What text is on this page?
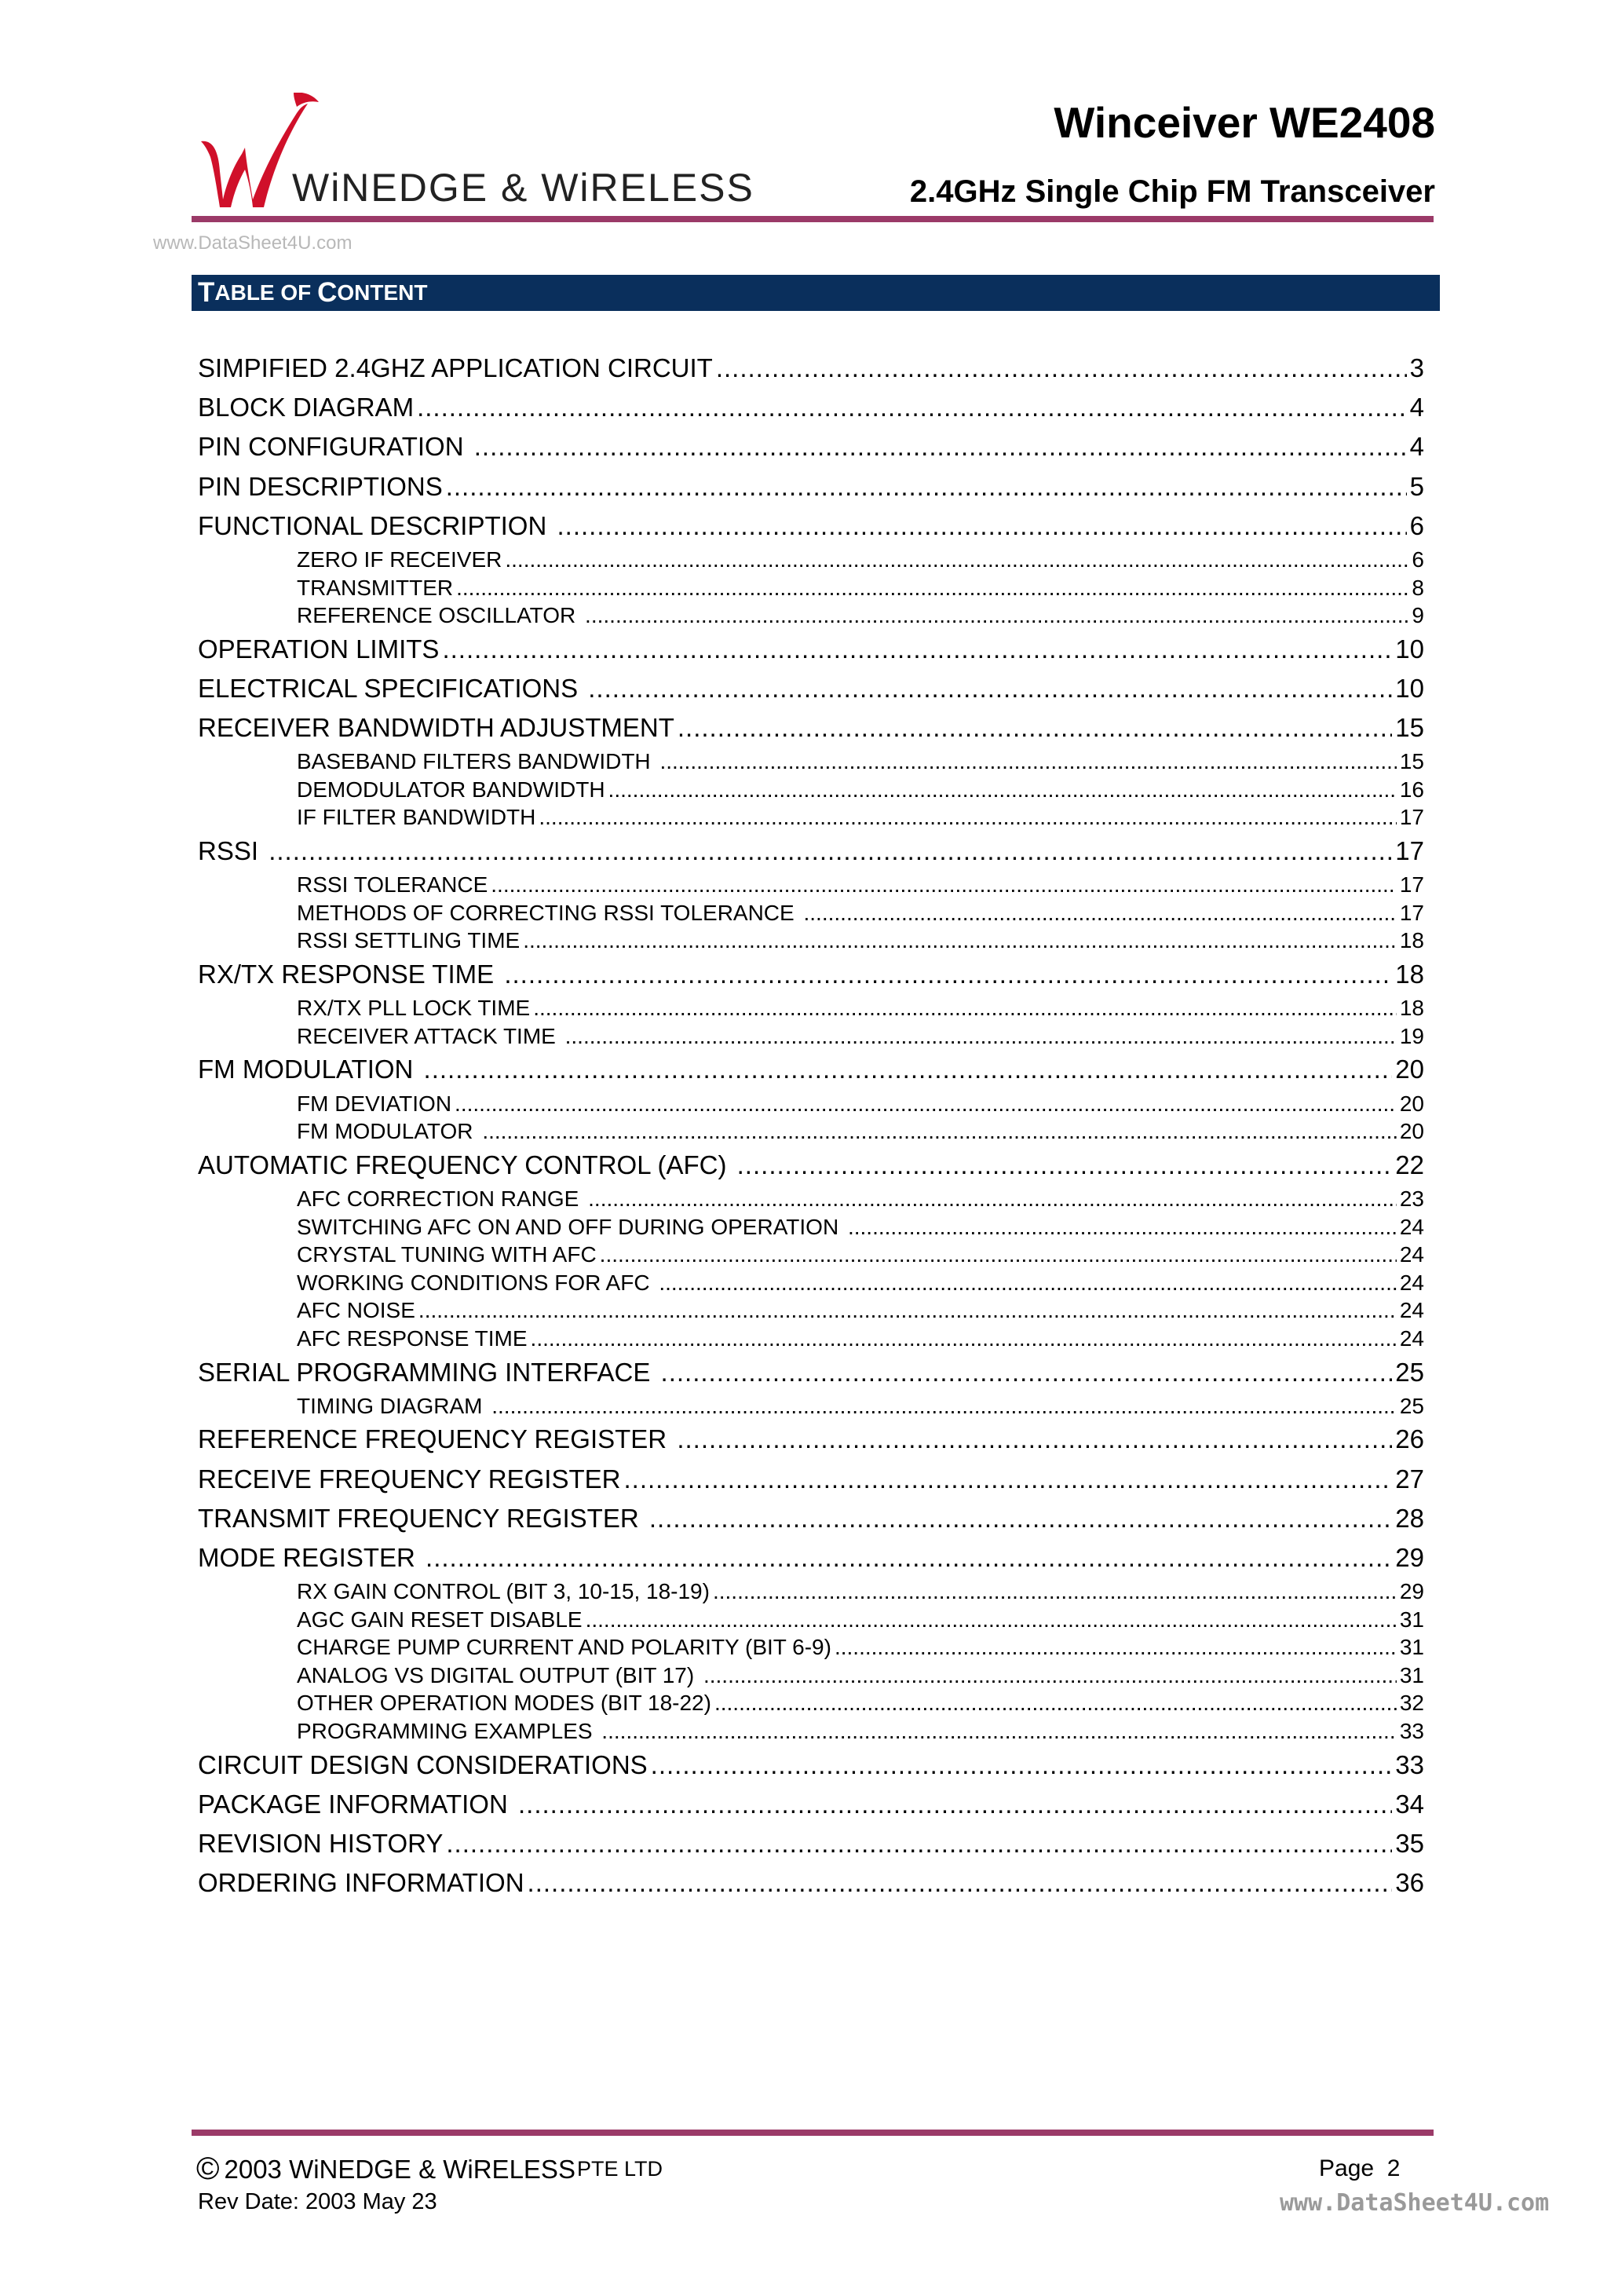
WiNEDGE & WiRELESS
Winceiver WE2408
2.4GHz Single Chip FM Transceiver
www.DataSheet4U.com
T ABLE OF C ONTENT
SIMPIFIED 2.4GHZ APPLICATION CIRCUIT .....	3
BLOCK DIAGRAM .....	4
PIN CONFIGURATION .....	4
PIN DESCRIPTIONS .....	5
FUNCTIONAL DESCRIPTION .....	6
ZERO IF RECEIVER .....	6
TRANSMITTER .....	8
REFERENCE OSCILLATOR .....	9
OPERATION LIMITS .....	10
ELECTRICAL SPECIFICATIONS .....	10
RECEIVER BANDWIDTH ADJUSTMENT .....	15
BASEBAND FILTERS BANDWIDTH .....	15
DEMODULATOR BANDWIDTH .....	16
IF FILTER BANDWIDTH .....	17
RSSI .....	17
RSSI TOLERANCE .....	17
METHODS OF CORRECTING RSSI TOLERANCE .....	17
RSSI SETTLING TIME .....	18
RX/TX RESPONSE TIME .....	18
RX/TX PLL LOCK TIME .....	18
RECEIVER ATTACK TIME .....	19
FM MODULATION .....	20
FM DEVIATION .....	20
FM MODULATOR .....	20
AUTOMATIC FREQUENCY CONTROL (AFC) .....	22
AFC CORRECTION RANGE .....	23
SWITCHING AFC ON AND OFF DURING OPERATION .....	24
CRYSTAL TUNING WITH AFC .....	24
WORKING CONDITIONS FOR AFC .....	24
AFC NOISE .....	24
AFC RESPONSE TIME .....	24
SERIAL PROGRAMMING INTERFACE .....	25
TIMING DIAGRAM .....	25
REFERENCE FREQUENCY REGISTER .....	26
RECEIVE FREQUENCY REGISTER .....	27
TRANSMIT FREQUENCY REGISTER .....	28
MODE REGISTER .....	29
RX GAIN CONTROL (BIT 3, 10-15, 18-19) .....	29
AGC GAIN RESET DISABLE .....	31
CHARGE PUMP CURRENT AND POLARITY (BIT 6-9) .....	31
ANALOG VS DIGITAL OUTPUT (BIT 17) .....	31
OTHER OPERATION MODES (BIT 18-22) .....	32
PROGRAMMING EXAMPLES .....	33
CIRCUIT DESIGN CONSIDERATIONS .....	33
PACKAGE INFORMATION .....	34
REVISION HISTORY .....	35
ORDERING INFORMATION .....	36
© 2003 WiNEDGE & WiRELESS PTE LTD
Rev Date: 2003 May 23
Page  2
www.DataSheet4U.com
